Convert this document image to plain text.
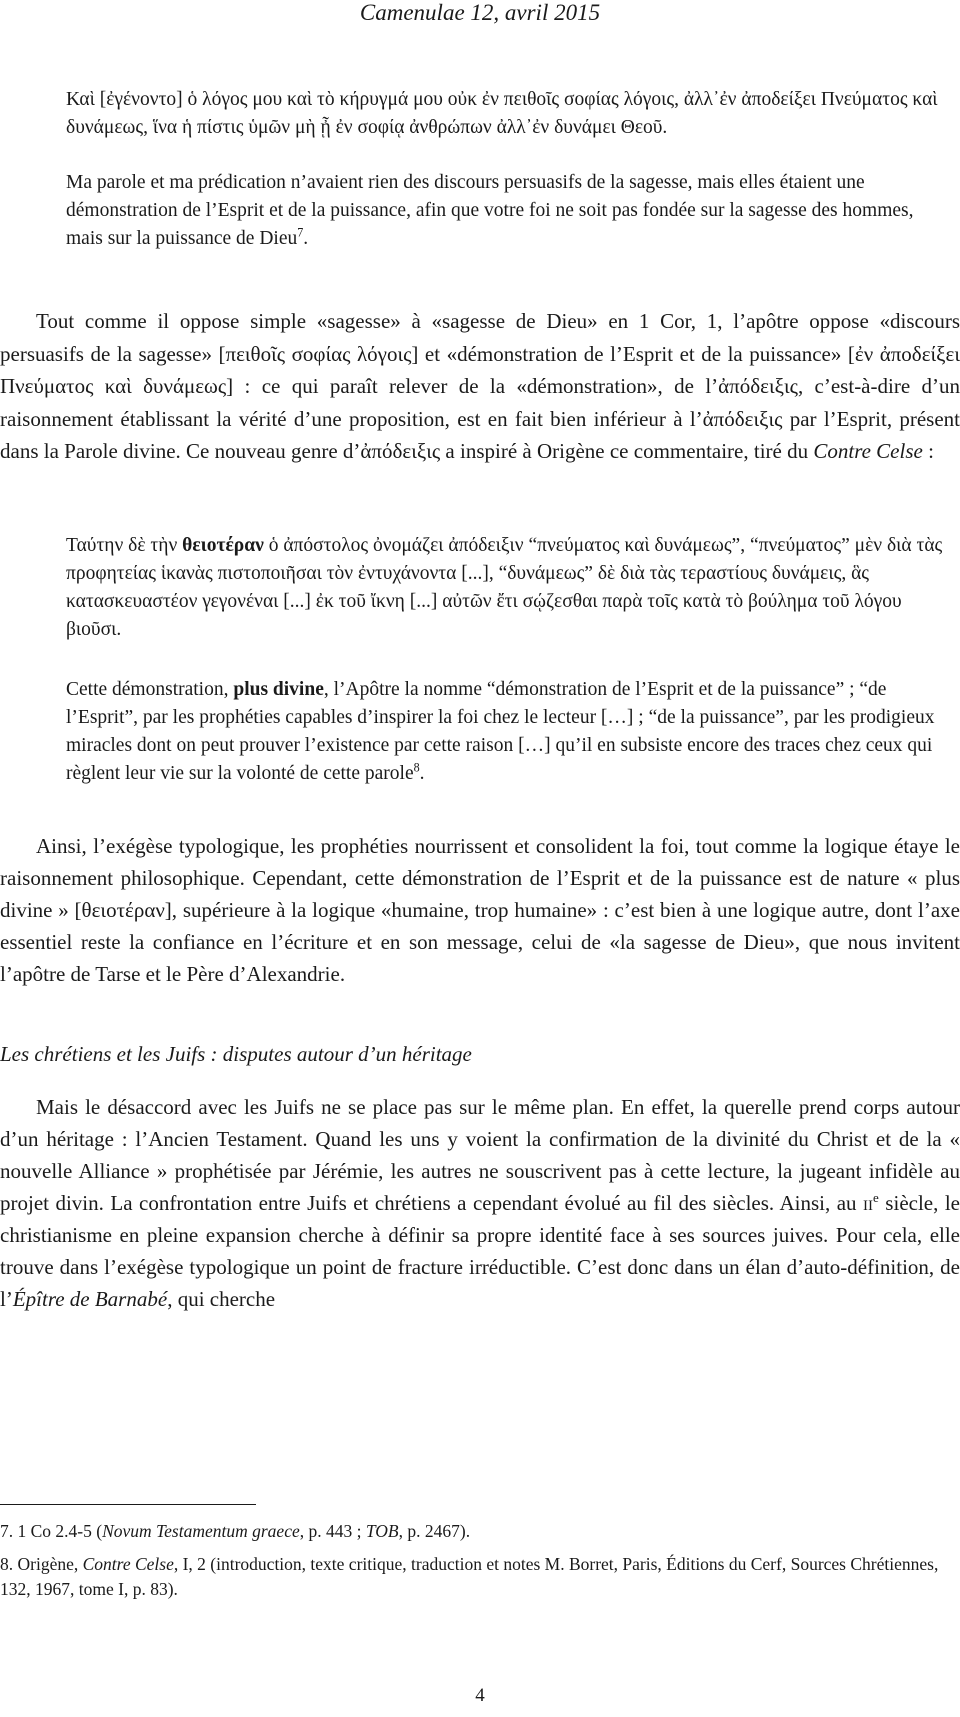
Camenulae 12, avril 2015

Καὶ [ἐγένοντο] ὁ λόγος μου καὶ τὸ κήρυγμά μου οὐκ ἐν πειθοῖς σοφίας λόγοις, ἀλλ᾽ἐν ἀποδείξει Πνεύματος καὶ δυνάμεως, ἵνα ἡ πίστις ὑμῶν μὴ ᾖ ἐν σοφίᾳ ἀνθρώπων ἀλλ᾽ἐν δυνάμει Θεοῦ.

Ma parole et ma prédication n’avaient rien des discours persuasifs de la sagesse, mais elles étaient une démonstration de l’Esprit et de la puissance, afin que votre foi ne soit pas fondée sur la sagesse des hommes, mais sur la puissance de Dieu$^7$.

Tout comme il oppose simple «sagesse» à «sagesse de Dieu» en 1 Cor, 1, l’apôtre oppose «discours persuasifs de la sagesse» [πειθοῖς σοφίας λόγοις] et «démonstration de l’Esprit et de la puissance» [ἐν ἀποδείξει Πνεύματος καὶ δυνάμεως] : ce qui paraît relever de la «démonstration», de l’ἀπόδειξις, c’est-à-dire d’un raisonnement établissant la vérité d’une proposition, est en fait bien inférieur à l’ἀπόδειξις par l’Esprit, présent dans la Parole divine. Ce nouveau genre d’ἀπόδειξις a inspiré à Origène ce commentaire, tiré du Contre Celse :

Ταύτην δὲ τὴν θειοτέραν ὁ ἀπόστολος ὀνομάζει ἀπόδειξιν “πνεύματος καὶ δυνάμεως”, “πνεύματος” μὲν διὰ τὰς προφητείας ἱκανὰς πιστοποιῆσαι τὸν ἐντυχάνοντα [...], “δυνάμεως” δὲ διὰ τὰς τεραστίους δυνάμεις, ἃς κατασκευαστέον γεγονέναι [...] ἐκ τοῦ ἴκνη [...] αὐτῶν ἔτι σῴζεσθαι παρὰ τοῖς κατὰ τὸ βούλημα τοῦ λόγου βιοῦσι.

Cette démonstration, plus divine, l’Apôtre la nomme “démonstration de l’Esprit et de la puissance” ; “de l’Esprit”, par les prophéties capables d’inspirer la foi chez le lecteur […] ; “de la puissance”, par les prodigieux miracles dont on peut prouver l’existence par cette raison […] qu’il en subsiste encore des traces chez ceux qui règlent leur vie sur la volonté de cette parole$^8$.

Ainsi, l’exégèse typologique, les prophéties nourrissent et consolident la foi, tout comme la logique étaye le raisonnement philosophique. Cependant, cette démonstration de l’Esprit et de la puissance est de nature « plus divine » [θειοτέραν], supérieure à la logique «humaine, trop humaine» : c’est bien à une logique autre, dont l’axe essentiel reste la confiance en l’écriture et en son message, celui de «la sagesse de Dieu», que nous invitent l’apôtre de Tarse et le Père d’Alexandrie.

Les chrétiens et les Juifs : disputes autour d’un héritage

Mais le désaccord avec les Juifs ne se place pas sur le même plan. En effet, la querelle prend corps autour d’un héritage : l’Ancien Testament. Quand les uns y voient la confirmation de la divinité du Christ et de la « nouvelle Alliance » prophétisée par Jérémie, les autres ne souscrivent pas à cette lecture, la jugeant infidèle au projet divin. La confrontation entre Juifs et chrétiens a cependant évolué au fil des siècles. Ainsi, au $ii^e$ siècle, le christianisme en pleine expansion cherche à définir sa propre identité face à ses sources juives. Pour cela, elle trouve dans l’exégèse typologique un point de fracture irréductible. C’est donc dans un élan d’auto-définition, de l’Épître de Barnabé, qui cherche

7. 1 Co 2.4-5 (Novum Testamentum graece, p. 443 ; TOB, p. 2467).

8. Origène, Contre Celse, I, 2 (introduction, texte critique, traduction et notes M. Borret, Paris, Éditions du Cerf, Sources Chrétiennes, 132, 1967, tome I, p. 83).

4
